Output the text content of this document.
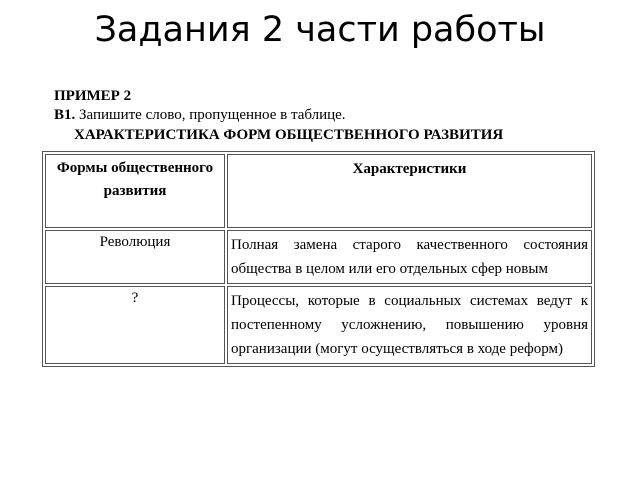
Задания 2 части работы
ПРИМЕР 2
В1. Запишите слово, пропущенное в таблице.
ХАРАКТЕРИСТИКА ФОРМ ОБЩЕСТВЕННОГО РАЗВИТИЯ
Формы общественного развития	Характеристики
Революция	Полная замена старого качественного состояния общества в целом или его отдельных сфер новым
?	Процессы, которые в социальных системах ведут к постепенному усложнению, повышению уровня организации (могут осуществляться в ходе реформ)
